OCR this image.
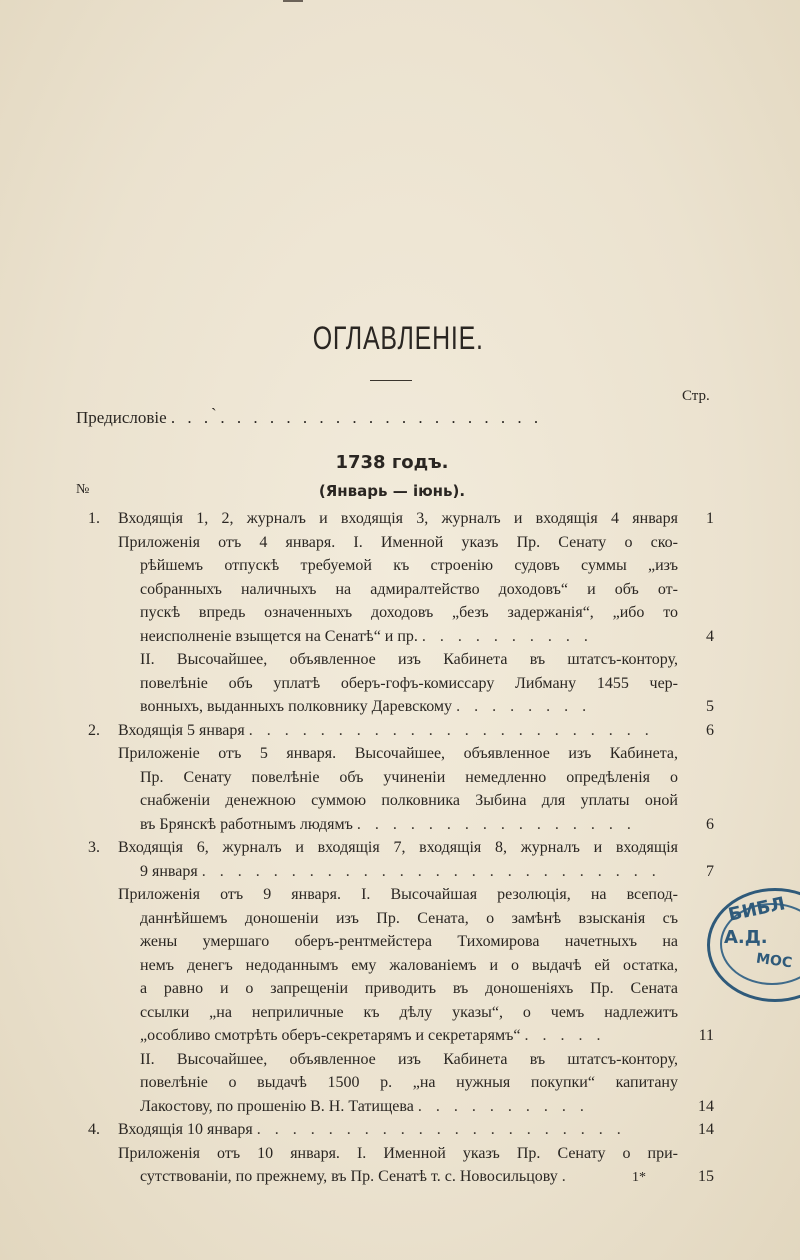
ОГЛАВЛЕНІЕ.
Стр.
Предисловіе . . . ̀. . . . . . . . . . . . . . . . . . . .
1738 годъ.
№	(Январь — іюнь).
1. Входящія 1, 2, журналъ и входящія 3, журналъ и входящія 4 января 1
Приложенія отъ 4 января. I. Именной указъ Пр. Сенату о ско-
рѣйшемъ отпускѣ требуемой къ строенію судовъ суммы „изъ
собранныхъ наличныхъ на адмиралтейство доходовъ“ и объ от-
пускѣ впредь означенныхъ доходовъ „безъ задержанія“, „ибо то
неисполненіе взыщется на Сенатѣ“ и пр. . . . . . . . . . .	4
II. Высочайшее, объявленное изъ Кабинета въ штатсъ-контору,
повелѣніе объ уплатѣ оберъ-гофъ-комиссару Либману 1455 чер-
вонныхъ, выданныхъ полковнику Даревскому . . . . . . . .	5
2. Входящія 5 января . . . . . . . . . . . . . . . . . . . . . . .	6
Приложеніе отъ 5 января. Высочайшее, объявленное изъ Кабинета,
Пр. Сенату повелѣніе объ учиненіи немедленно опредѣленія о
снабженіи денежною суммою полковника Зыбина для уплаты оной
въ Брянскѣ работнымъ людямъ . . . . . . . . . . . . . . . .	6
3. Входящія 6, журналъ и входящія 7, входящія 8, журналъ и входящія
9 января . . . . . . . . . . . . . . . . . . . . . . . . . .	7
Приложенія отъ 9 января. I. Высочайшая резолюція, на всепод-
даннѣйшемъ доношеніи изъ Пр. Сената, о замѣнѣ взысканія съ
жены умершаго оберъ-рентмейстера Тихомирова начетныхъ на
немъ денегъ недоданнымъ ему жалованіемъ и о выдачѣ ей остатка,
а равно и о запрещеніи приводить въ доношеніяхъ Пр. Сената
ссылки „на неприличные къ дѣлу указы“, о чемъ надлежитъ
„особливо смотрѣть оберъ-секретарямъ и секретарямъ“ . . . . .	11
II. Высочайшее, объявленное изъ Кабинета въ штатсъ-контору,
повелѣніе о выдачѣ 1500 р. „на нужныя покупки“ капитану
Лакостову, по прошенію В. Н. Татищева . . . . . . . . . .	14
4. Входящія 10 января . . . . . . . . . . . . . . . . . . . . .	14
Приложенія отъ 10 января. I. Именной указъ Пр. Сенату о при-
сутствованіи, по прежнему, въ Пр. Сенатѣ т. с. Новосильцову .	15
1*
БИБЛ
А.Д.
МОС
